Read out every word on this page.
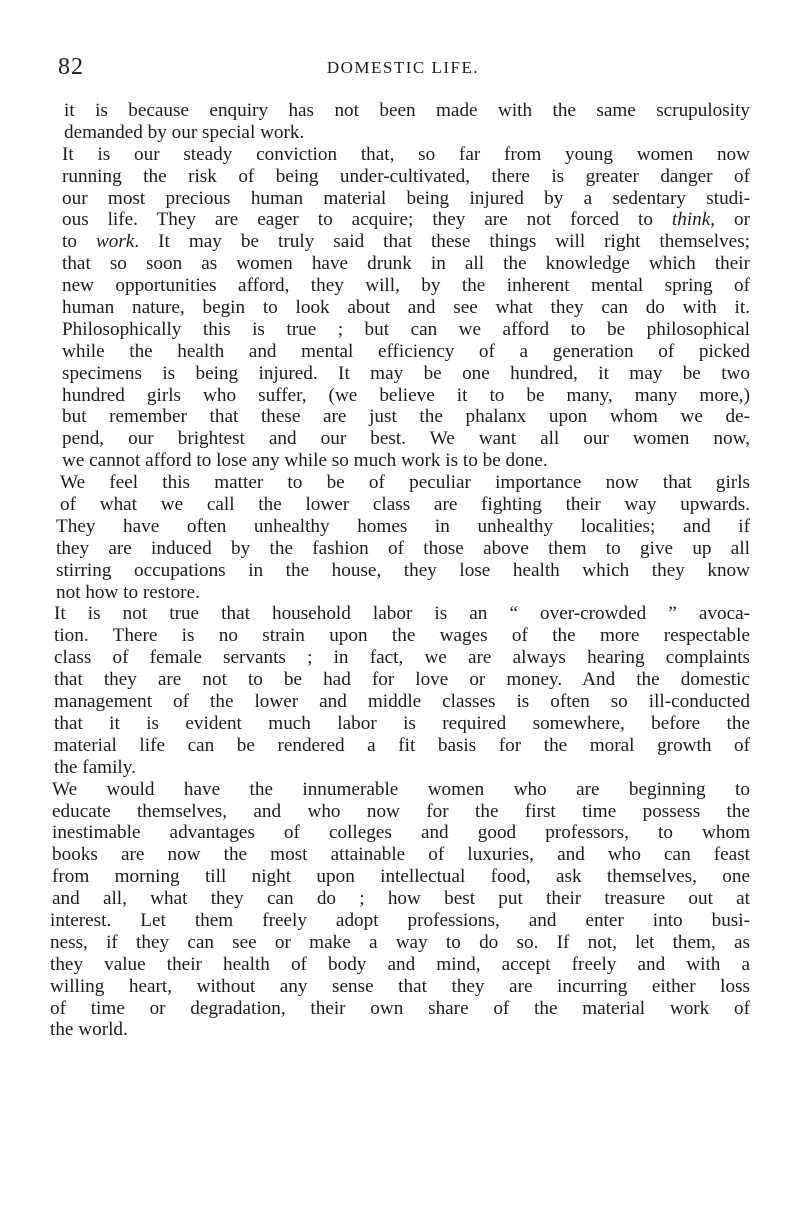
82	DOMESTIC LIFE.
it is because enquiry has not been made with the same scrupulosity
demanded by our special work.
It is our steady conviction that, so far from young women now
running the risk of being under-cultivated, there is greater danger of
our most precious human material being injured by a sedentary studi-
ous life. They are eager to acquire; they are not forced to think, or
to work. It may be truly said that these things will right themselves;
that so soon as women have drunk in all the knowledge which their
new opportunities afford, they will, by the inherent mental spring of
human nature, begin to look about and see what they can do with it.
Philosophically this is true ; but can we afford to be philosophical
while the health and mental efficiency of a generation of picked
specimens is being injured. It may be one hundred, it may be two
hundred girls who suffer, (we believe it to be many, many more,)
but remember that these are just the phalanx upon whom we de-
pend, our brightest and our best. We want all our women now,
we cannot afford to lose any while so much work is to be done.
We feel this matter to be of peculiar importance now that girls
of what we call the lower class are fighting their way upwards.
They have often unhealthy homes in unhealthy localities; and if
they are induced by the fashion of those above them to give up all
stirring occupations in the house, they lose health which they know
not how to restore.
It is not true that household labor is an “ over-crowded ” avoca-
tion. There is no strain upon the wages of the more respectable
class of female servants ; in fact, we are always hearing complaints
that they are not to be had for love or money. And the domestic
management of the lower and middle classes is often so ill-conducted
that it is evident much labor is required somewhere, before the
material life can be rendered a fit basis for the moral growth of
the family.
We would have the innumerable women who are beginning to
educate themselves, and who now for the first time possess the
inestimable advantages of colleges and good professors, to whom
books are now the most attainable of luxuries, and who can feast
from morning till night upon intellectual food, ask themselves, one
and all, what they can do ; how best put their treasure out at
interest. Let them freely adopt professions, and enter into busi-
ness, if they can see or make a way to do so. If not, let them, as
they value their health of body and mind, accept freely and with a
willing heart, without any sense that they are incurring either loss
of time or degradation, their own share of the material work of
the world.
